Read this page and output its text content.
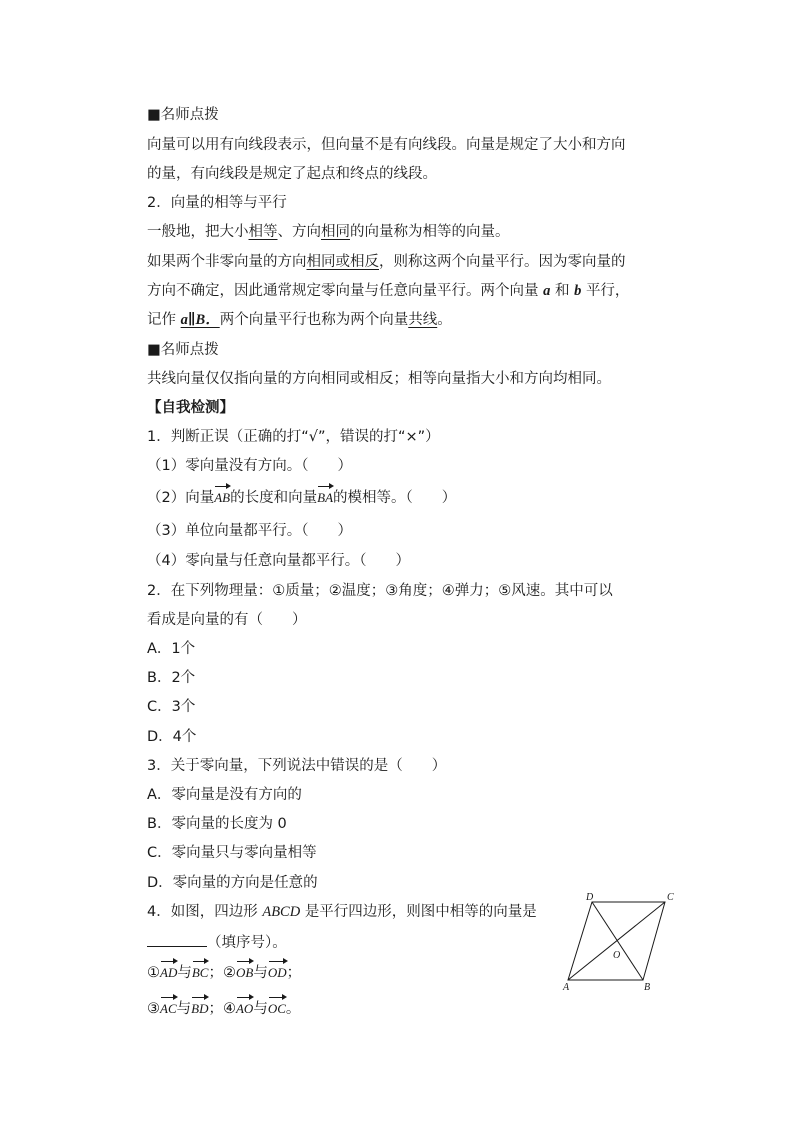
■名师点拨
向量可以用有向线段表示，但向量不是有向线段。向量是规定了大小和方向
的量，有向线段是规定了起点和终点的线段。
2．向量的相等与平行
一般地，把大小相等、方向相同的向量称为相等的向量。
如果两个非零向量的方向相同或相反，则称这两个向量平行。因为零向量的
方向不确定，因此通常规定零向量与任意向量平行。两个向量 a 和 b 平行，
记作 a∥B．两个向量平行也称为两个向量共线。
■名师点拨
共线向量仅仅指向量的方向相同或相反；相等向量指大小和方向均相同。
【自我检测】
1．判断正误（正确的打“√”，错误的打“×”）
（1）零向量没有方向。（　　）
（2）向量AB的长度和向量BA的模相等。（　　）
（3）单位向量都平行。（　　）
（4）零向量与任意向量都平行。（　　）
2．在下列物理量：①质量；②温度；③角度；④弹力；⑤风速。其中可以
看成是向量的有（　　）
A．1个
B．2个
C．3个
D．4个
3．关于零向量，下列说法中错误的是（　　）
A．零向量是没有方向的
B．零向量的长度为 0
C．零向量只与零向量相等
D．零向量的方向是任意的
4．如图，四边形 ABCD 是平行四边形，则图中相等的向量是
（填序号）。
①AD与BC；②OB与OD；
③AC与BD；④AO与OC。
D	C
A	B
O
